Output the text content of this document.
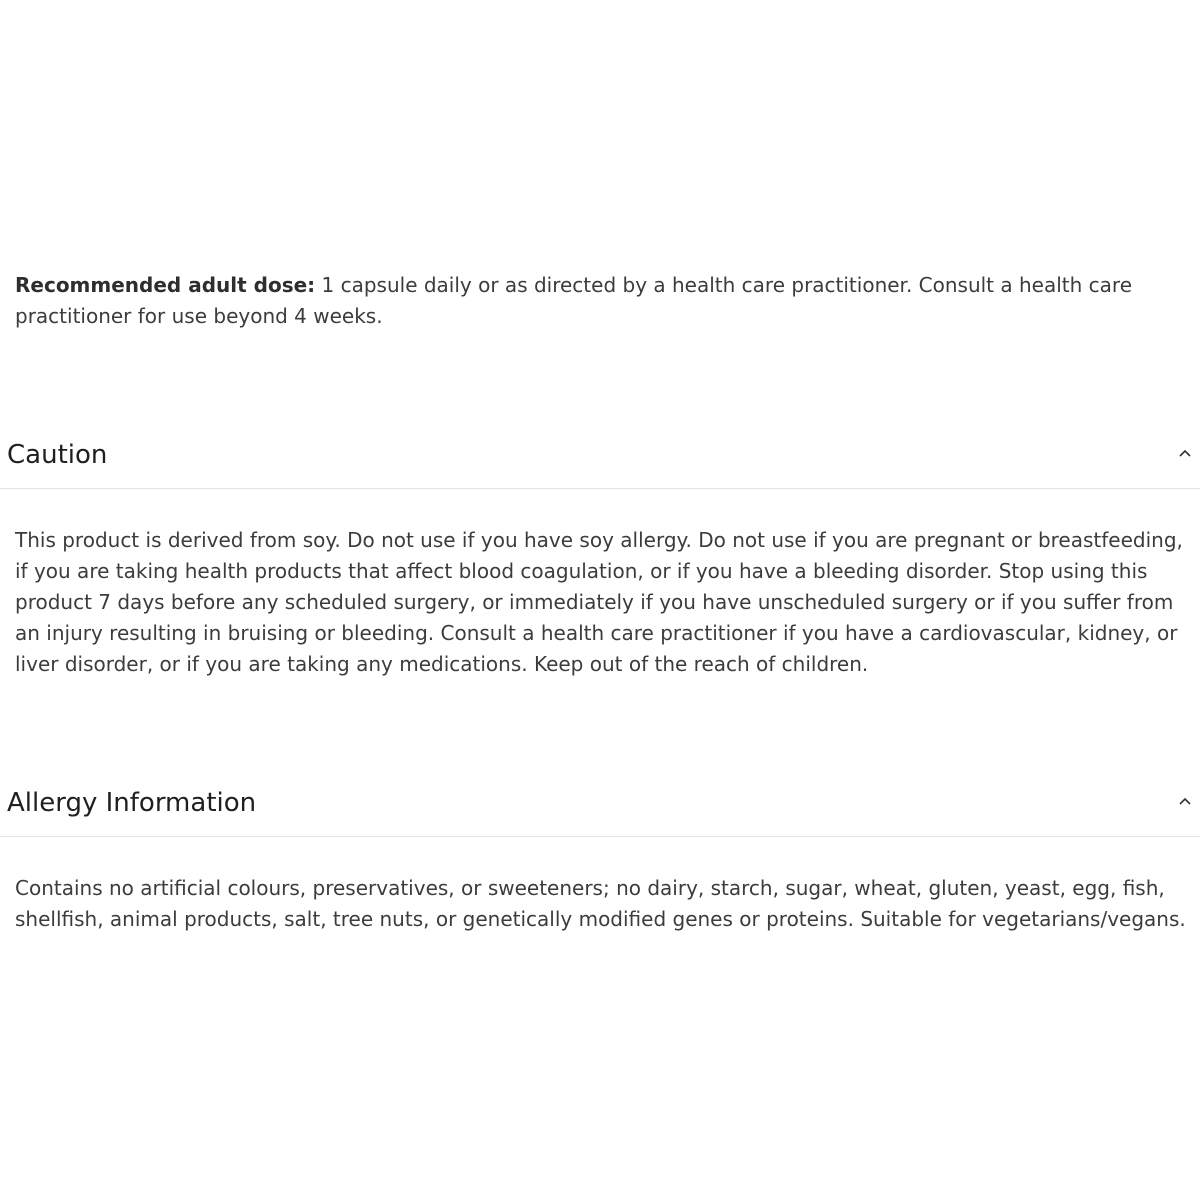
Recommended adult dose: 1 capsule daily or as directed by a health care practitioner. Consult a health care practitioner for use beyond 4 weeks.

Caution

This product is derived from soy. Do not use if you have soy allergy. Do not use if you are pregnant or breastfeeding, if you are taking health products that affect blood coagulation, or if you have a bleeding disorder. Stop using this product 7 days before any scheduled surgery, or immediately if you have unscheduled surgery or if you suffer from an injury resulting in bruising or bleeding. Consult a health care practitioner if you have a cardiovascular, kidney, or liver disorder, or if you are taking any medications. Keep out of the reach of children.

Allergy Information

Contains no artificial colours, preservatives, or sweeteners; no dairy, starch, sugar, wheat, gluten, yeast, egg, fish, shellfish, animal products, salt, tree nuts, or genetically modified genes or proteins. Suitable for vegetarians/vegans.
